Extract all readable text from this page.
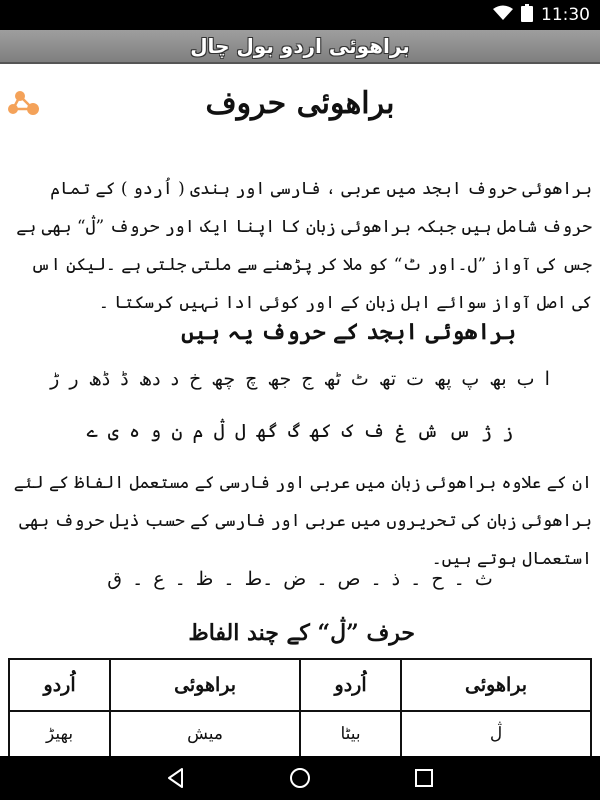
11:30
براھوئی اردو بول چال
براھوئی حروف

براھوئی حروف ابجد میں عربی ، فارسی اور ہندی ( اُردو ) کے تمام حروف شامل ہیں جبکہ براھوئی زبان کا اپنا ایک اور حروف ”ڷ“ بھی ہے جس کی آواز ”ل۔اور ٹ“ کو ملا کر پڑھنے سے ملتی جلتی ہے ۔لیکن اس کی اصل آواز سوائے اہل زبان کے اور کوئی ادا نہیں کرسکتا ۔

براھوئی ابجد کے حروف یہ ہیں
ا ب بھ پ پھ ت تھ ٹ ٹھ ج جھ چ چھ خ د دھ ڈ ڈھ ر ڑ
ز ژ س ش غ ف ک کھ گ گھ ل ڷ م ن و ہ ی ے

ان کے علاوہ براھوئی زبان میں عربی اور فارسی کے مستعمل الفاظ کے لئے براھوئی زبان کی تحریروں میں عربی اور فارسی کے حسب ذیل حروف بھی استعمال ہوتے ہیں۔

ث ۔ ح ۔ ذ ۔ ص ۔ ض ۔ط ۔ ظ ۔ ع ۔ ق
حرف ”ڷ“ کے چند الفاظ
براھوئی	اُردو	براھوئی	اُردو
ڷ	بیٹا	میش	بھیڑ
